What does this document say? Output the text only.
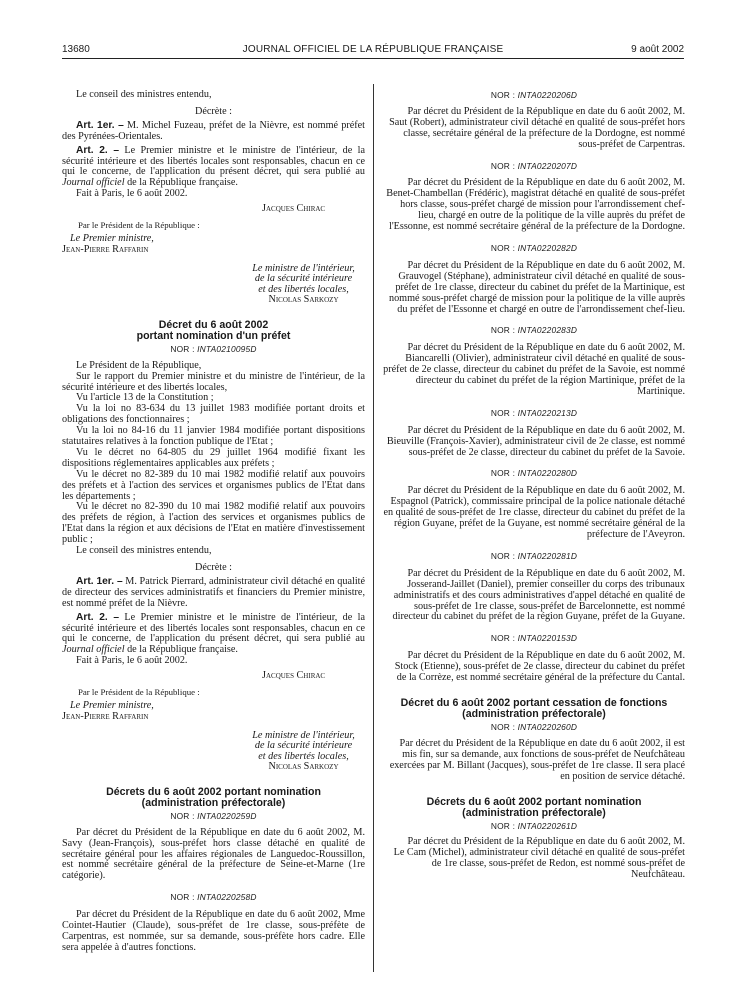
13680	JOURNAL OFFICIEL DE LA RÉPUBLIQUE FRANÇAISE	9 août 2002

Le conseil des ministres entendu,

Décrète :

Art. 1er. – M. Michel Fuzeau, préfet de la Nièvre, est nommé préfet des Pyrénées-Orientales.

Art. 2. – Le Premier ministre et le ministre de l'intérieur, de la sécurité intérieure et des libertés locales sont responsables, chacun en ce qui le concerne, de l'application du présent décret, qui sera publié au Journal officiel de la République française.

Fait à Paris, le 6 août 2002.

Jacques Chirac

Par le Président de la République :

Le Premier ministre,

Jean-Pierre Raffarin

Le ministre de l'intérieur,

de la sécurité intérieure

et des libertés locales,

Nicolas Sarkozy

Décret du 6 août 2002

portant nomination d'un préfet

NOR : INTA0210095D

Le Président de la République,

Sur le rapport du Premier ministre et du ministre de l'intérieur, de la sécurité intérieure et des libertés locales,

Vu l'article 13 de la Constitution ;

Vu la loi no 83-634 du 13 juillet 1983 modifiée portant droits et obligations des fonctionnaires ;

Vu la loi no 84-16 du 11 janvier 1984 modifiée portant dispositions statutaires relatives à la fonction publique de l'Etat ;

Vu le décret no 64-805 du 29 juillet 1964 modifié fixant les dispositions réglementaires applicables aux préfets ;

Vu le décret no 82-389 du 10 mai 1982 modifié relatif aux pouvoirs des préfets et à l'action des services et organismes publics de l'Etat dans les départements ;

Vu le décret no 82-390 du 10 mai 1982 modifié relatif aux pouvoirs des préfets de région, à l'action des services et organismes publics de l'Etat dans la région et aux décisions de l'Etat en matière d'investissement public ;

Le conseil des ministres entendu,

Décrète :

Art. 1er. – M. Patrick Pierrard, administrateur civil détaché en qualité de directeur des services administratifs et financiers du Premier ministre, est nommé préfet de la Nièvre.

Art. 2. – Le Premier ministre et le ministre de l'intérieur, de la sécurité intérieure et des libertés locales sont responsables, chacun en ce qui le concerne, de l'application du présent décret, qui sera publié au Journal officiel de la République française.

Fait à Paris, le 6 août 2002.

Jacques Chirac

Par le Président de la République :

Le Premier ministre,

Jean-Pierre Raffarin

Le ministre de l'intérieur,

de la sécurité intérieure

et des libertés locales,

Nicolas Sarkozy

Décrets du 6 août 2002 portant nomination

(administration préfectorale)

NOR : INTA0220259D

Par décret du Président de la République en date du 6 août 2002, M. Savy (Jean-François), sous-préfet hors classe détaché en qualité de secrétaire général pour les affaires régionales de Languedoc-Roussillon, est nommé secrétaire général de la préfecture de Seine-et-Marne (1re catégorie).

NOR : INTA0220258D

Par décret du Président de la République en date du 6 août 2002, Mme Cointet-Hautier (Claude), sous-préfet de 1re classe, sous-préfète de Carpentras, est nommée, sur sa demande, sous-préfète hors cadre. Elle sera appelée à d'autres fonctions.

NOR : INTA0220206D

Par décret du Président de la République en date du 6 août 2002, M. Saut (Robert), administrateur civil détaché en qualité de sous-préfet hors classe, secrétaire général de la préfecture de la Dordogne, est nommé sous-préfet de Carpentras.

NOR : INTA0220207D

Par décret du Président de la République en date du 6 août 2002, M. Benet-Chambellan (Frédéric), magistrat détaché en qualité de sous-préfet hors classe, sous-préfet chargé de mission pour l'arrondissement chef-lieu, chargé en outre de la politique de la ville auprès du préfet de l'Essonne, est nommé secrétaire général de la préfecture de la Dordogne.

NOR : INTA0220282D

Par décret du Président de la République en date du 6 août 2002, M. Grauvogel (Stéphane), administrateur civil détaché en qualité de sous-préfet de 1re classe, directeur du cabinet du préfet de la Martinique, est nommé sous-préfet chargé de mission pour la politique de la ville auprès du préfet de l'Essonne et chargé en outre de l'arrondissement chef-lieu.

NOR : INTA0220283D

Par décret du Président de la République en date du 6 août 2002, M. Biancarelli (Olivier), administrateur civil détaché en qualité de sous-préfet de 2e classe, directeur du cabinet du préfet de la Savoie, est nommé directeur du cabinet du préfet de la région Martinique, préfet de la Martinique.

NOR : INTA0220213D

Par décret du Président de la République en date du 6 août 2002, M. Bieuville (François-Xavier), administrateur civil de 2e classe, est nommé sous-préfet de 2e classe, directeur du cabinet du préfet de la Savoie.

NOR : INTA0220280D

Par décret du Président de la République en date du 6 août 2002, M. Espagnol (Patrick), commissaire principal de la police nationale détaché en qualité de sous-préfet de 1re classe, directeur du cabinet du préfet de la région Guyane, préfet de la Guyane, est nommé secrétaire général de la préfecture de l'Aveyron.

NOR : INTA0220281D

Par décret du Président de la République en date du 6 août 2002, M. Josserand-Jaillet (Daniel), premier conseiller du corps des tribunaux administratifs et des cours administratives d'appel détaché en qualité de sous-préfet de 1re classe, sous-préfet de Barcelonnette, est nommé directeur du cabinet du préfet de la région Guyane, préfet de la Guyane.

NOR : INTA0220153D

Par décret du Président de la République en date du 6 août 2002, M. Stock (Etienne), sous-préfet de 2e classe, directeur du cabinet du préfet de la Corrèze, est nommé secrétaire général de la préfecture du Cantal.

Décret du 6 août 2002 portant cessation de fonctions

(administration préfectorale)

NOR : INTA0220260D

Par décret du Président de la République en date du 6 août 2002, il est mis fin, sur sa demande, aux fonctions de sous-préfet de Neufchâteau exercées par M. Billant (Jacques), sous-préfet de 1re classe. Il sera placé en position de service détaché.

Décrets du 6 août 2002 portant nomination

(administration préfectorale)

NOR : INTA0220261D

Par décret du Président de la République en date du 6 août 2002, M. Le Cam (Michel), administrateur civil détaché en qualité de sous-préfet de 1re classe, sous-préfet de Redon, est nommé sous-préfet de Neufchâteau.
